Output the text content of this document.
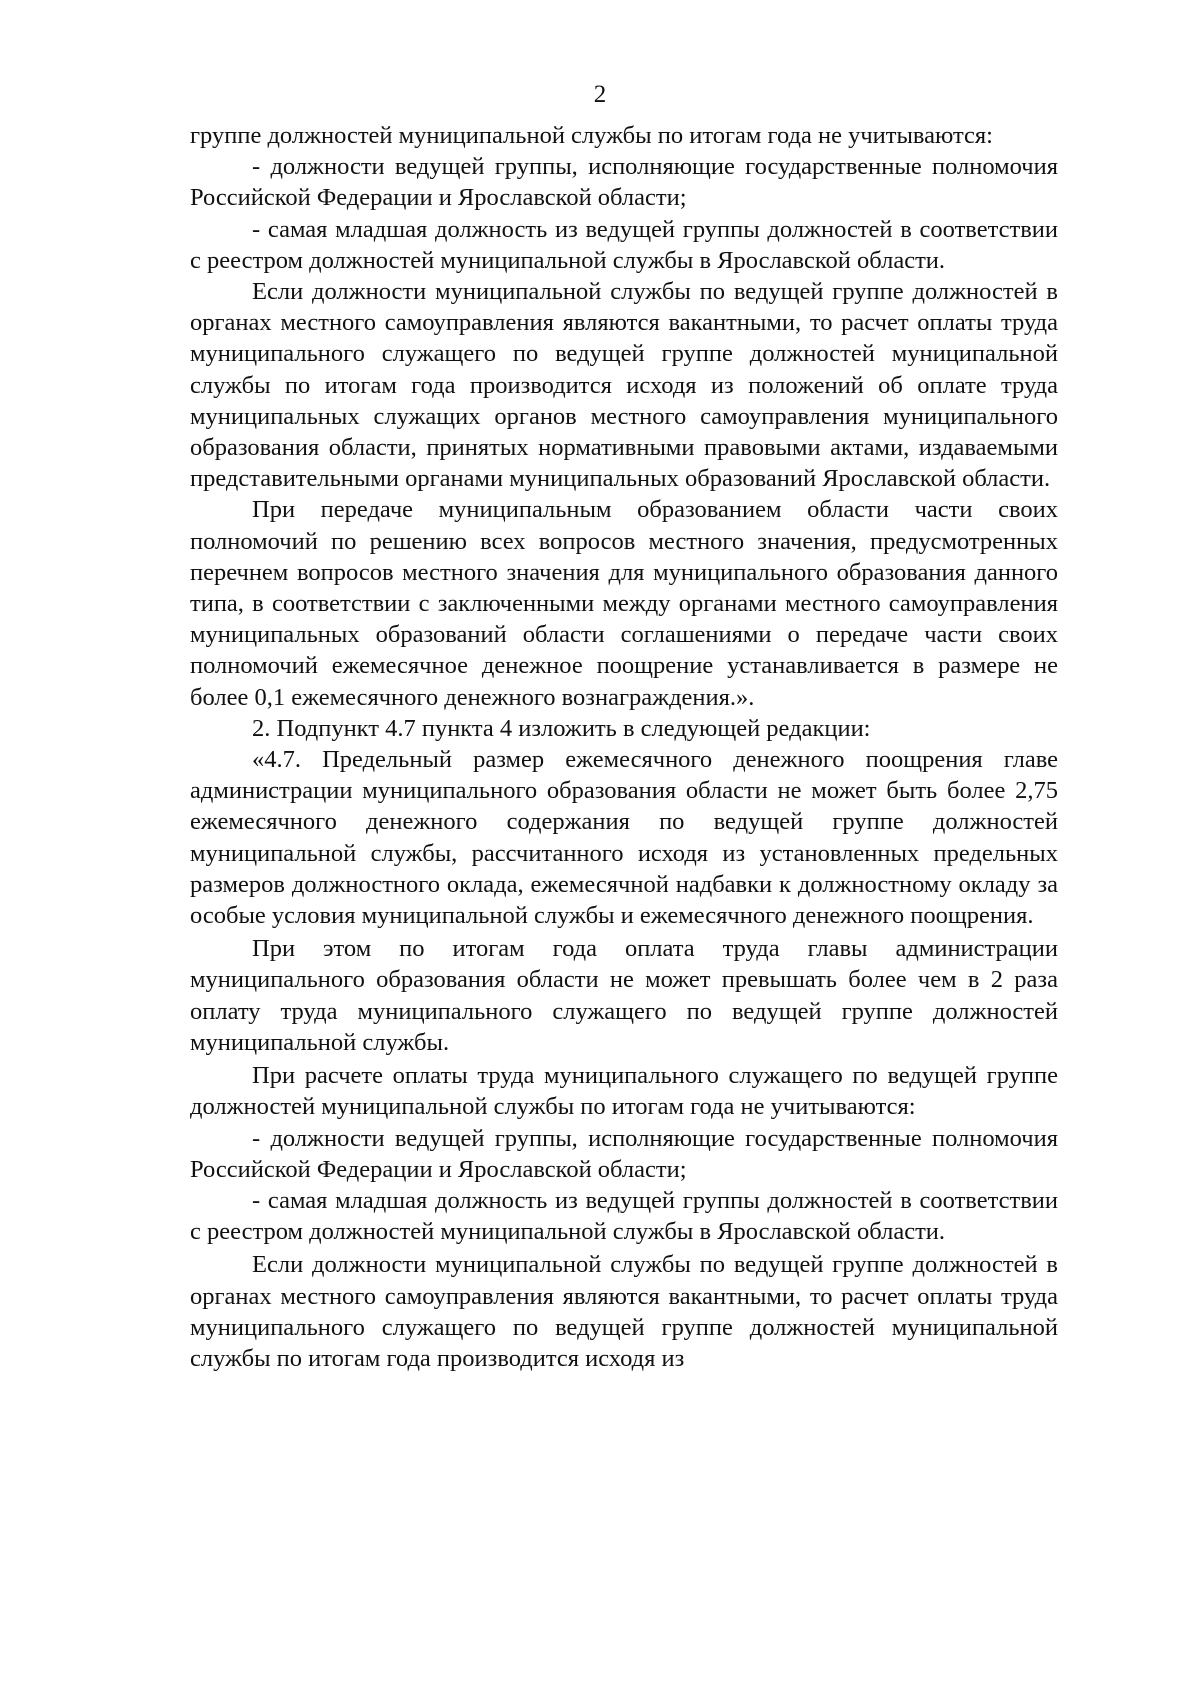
2

группе должностей муниципальной службы по итогам года не учитываются:

- должности ведущей группы, исполняющие государственные полномочия Российской Федерации и Ярославской области;

- самая младшая должность из ведущей группы должностей в соответствии с реестром должностей муниципальной службы в Ярославской области.

Если должности муниципальной службы по ведущей группе должностей в органах местного самоуправления являются вакантными, то расчет оплаты труда муниципального служащего по ведущей группе должностей муниципальной службы по итогам года производится исходя из положений об оплате труда муниципальных служащих органов местного самоуправления муниципального образования области, принятых нормативными правовыми актами, издаваемыми представительными органами муниципальных образований Ярославской области.

При передаче муниципальным образованием области части своих полномочий по решению всех вопросов местного значения, предусмотренных перечнем вопросов местного значения для муниципального образования данного типа, в соответствии с заключенными между органами местного самоуправления муниципальных образований области соглашениями о передаче части своих полномочий ежемесячное денежное поощрение устанавливается в размере не более 0,1 ежемесячного денежного вознаграждения.».

2. Подпункт 4.7 пункта 4 изложить в следующей редакции:

«4.7. Предельный размер ежемесячного денежного поощрения главе администрации муниципального образования области не может быть более 2,75 ежемесячного денежного содержания по ведущей группе должностей муниципальной службы, рассчитанного исходя из установленных предельных размеров должностного оклада, ежемесячной надбавки к должностному окладу за особые условия муниципальной службы и ежемесячного денежного поощрения.

При этом по итогам года оплата труда главы администрации муниципального образования области не может превышать более чем в 2 раза оплату труда муниципального служащего по ведущей группе должностей муниципальной службы.

При расчете оплаты труда муниципального служащего по ведущей группе должностей муниципальной службы по итогам года не учитываются:

- должности ведущей группы, исполняющие государственные полномочия Российской Федерации и Ярославской области;

- самая младшая должность из ведущей группы должностей в соответствии с реестром должностей муниципальной службы в Ярославской области.

Если должности муниципальной службы по ведущей группе должностей в органах местного самоуправления являются вакантными, то расчет оплаты труда муниципального служащего по ведущей группе должностей муниципальной службы по итогам года производится исходя из
